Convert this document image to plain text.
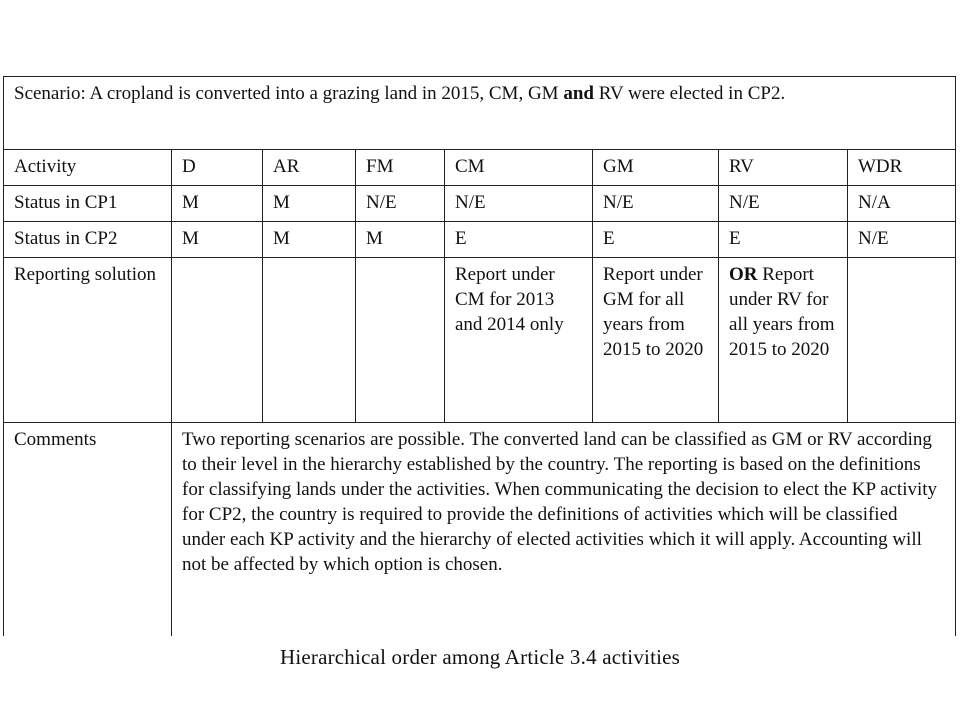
Scenario: A cropland is converted into a grazing land in 2015, CM, GM and RV were elected in CP2.							
Activity	D	AR	FM	CM	GM	RV	WDR
Status in CP1	M	M	N/E	N/E	N/E	N/E	N/A
Status in CP2	M	M	M	E	E	E	N/E
Reporting solution				Report under CM for 2013 and 2014 only	Report under GM for all years from 2015 to 2020	OR Report under RV for all years from 2015 to 2020	
Comments	Two reporting scenarios are possible. The converted land can be classified as GM or RV according to their level in the hierarchy established by the country. The reporting is based on the definitions for classifying lands under the activities. When communicating the decision to elect the KP activity for CP2, the country is required to provide the definitions of activities which will be classified under each KP activity and the hierarchy of elected activities which it will apply. Accounting will not be affected by which option is chosen.						
Hierarchical order among Article 3.4 activities
